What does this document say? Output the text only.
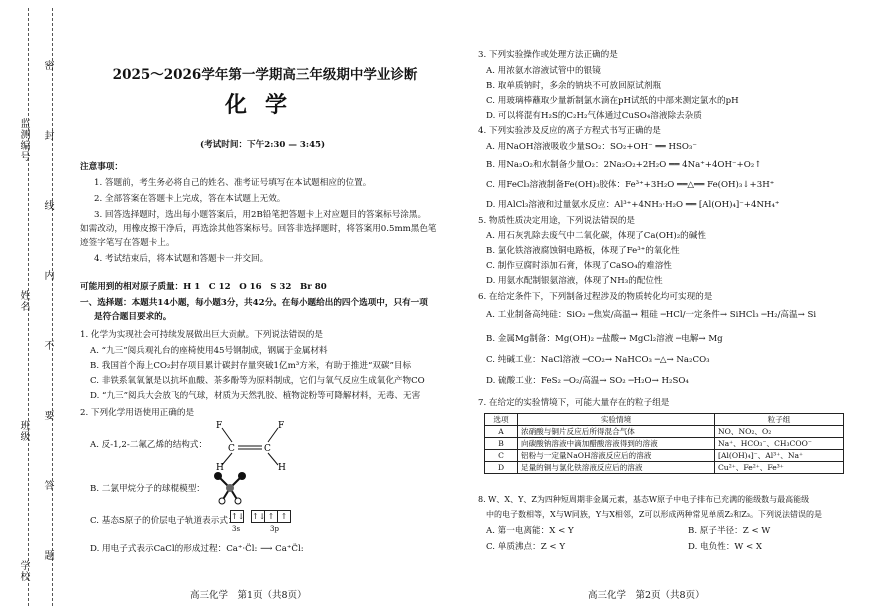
监测编号
姓名
班级
学校
密
封
线
内
不
要
答
题
2025～2026学年第一学期高三年级期中学业诊断
化学
(考试时间：下午2:30 — 3:45)
注意事项：
1. 答题前，考生务必将自己的姓名、准考证号填写在本试题相应的位置。
2. 全部答案在答题卡上完成，答在本试题上无效。
3. 回答选择题时，选出每小题答案后，用2B铅笔把答题卡上对应题目的答案标号涂黑。
如需改动，用橡皮擦干净后，再选涂其他答案标号。回答非选择题时，将答案用0.5mm黑色笔
迹签字笔写在答题卡上。
4. 考试结束后，将本试题和答题卡一并交回。
可能用到的相对原子质量：H 1　C 12　O 16　S 32　Br 80
一、选择题：本题共14小题，每小题3分，共42分。在每小题给出的四个选项中，只有一项
是符合题目要求的。
1. 化学为实现社会可持续发展做出巨大贡献。下列说法错误的是
A. “九三”阅兵观礼台的座椅使用45号钢制成，钢属于金属材料
B. 我国首个海上CO₂封存项目累计碳封存量突破1亿m³方米，有助于推进“双碳”目标
C. 非铁系氧氧氰是以抗坏血酸、茶多酚等为原料制成，它们与氧气反应生成氧化产物CO
D. “九三”阅兵大会放飞的气球，材质为天然乳胶、植物淀粉等可降解材料，无毒、无害
2. 下列化学用语使用正确的是
A. 反-1,2-二氟乙烯的结构式：
F	F
H	H
C	C
B. 二氯甲烷分子的球棍模型：
C. 基态S原子的价层电子轨道表示式：
↑↓ ↑↓ ↑ ↑
3s	3p
D. 用电子式表示CaCl的形成过程：Ca⁺·C̈l: ⟶ Ca⁺C̈l:
高三化学　第1页（共8页）
3. 下列实验操作或处理方法正确的是
A. 用浓氨水溶液试管中的银镜
B. 取单质钠时，多余的钠块不可放回原试剂瓶
C. 用玻璃棒蘸取少量新制氯水滴在pH试纸的中部来测定氯水的pH
D. 可以将混有H₂S的C₂H₂气体通过CuSO₄溶液除去杂质
4. 下列实验涉及反应的离子方程式书写正确的是
A. 用NaOH溶液吸收少量SO₂：SO₂+OH⁻ ══ HSO₃⁻
B. 用Na₂O₂和水制备少量O₂：2Na₂O₂+2H₂O ══ 4Na⁺+4OH⁻+O₂↑
C. 用FeCl₃溶液制备Fe(OH)₃胶体：Fe³⁺+3H₂O ══△══ Fe(OH)₃↓+3H⁺
D. 用AlCl₃溶液和过量氨水反应：Al³⁺+4NH₃·H₂O ══ [Al(OH)₄]⁻+4NH₄⁺
5. 物质性质决定用途，下列说法错误的是
A. 用石灰乳除去废气中二氧化碳，体现了Ca(OH)₂的碱性
B. 氯化铁溶液腐蚀铜电路板，体现了Fe³⁺的氧化性
C. 制作豆腐时添加石膏，体现了CaSO₄的难溶性
D. 用氨水配制银氨溶液，体现了NH₃的配位性
6. 在给定条件下，下列制备过程涉及的物质转化均可实现的是
A. 工业制备高纯硅：SiO₂ ─焦炭/高温→ 粗硅 ─HCl/一定条件→ SiHCl₃ ─H₂/高温→ Si
B. 金属Mg制备：Mg(OH)₂ ─盐酸→ MgCl₂溶液 ─电解→ Mg
C. 纯碱工业：NaCl溶液 ─CO₂→ NaHCO₃ ─△→ Na₂CO₃
D. 硫酸工业：FeS₂ ─O₂/高温→ SO₂ ─H₂O→ H₂SO₄
7. 在给定的实验情境下，可能大量存在的粒子组是
选项	实验情境	粒子组
A	浓硝酸与铜片反应后所得混合气体	NO、NO₂、O₂
B	向碳酸钠溶液中滴加醋酸溶液得到的溶液	Na⁺、HCO₃⁻、CH₃COO⁻
C	铝粉与一定量NaOH溶液反应后的溶液	[Al(OH)₄]⁻、Al³⁺、Na⁺
D	足量的铜与氯化铁溶液反应后的溶液	Cu²⁺、Fe²⁺、Fe³⁺
8. W、X、Y、Z为四种短周期非金属元素，基态W原子中电子排布已充满的能级数与最高能级
中的电子数相等，X与W同族，Y与X相邻，Z可以形成两种常见单质Z₂和Z₃。下列说法错误的是
A. 第一电离能：X < Y	B. 原子半径：Z < W
C. 单质沸点：Z < Y	D. 电负性：W < X
高三化学　第2页（共8页）
